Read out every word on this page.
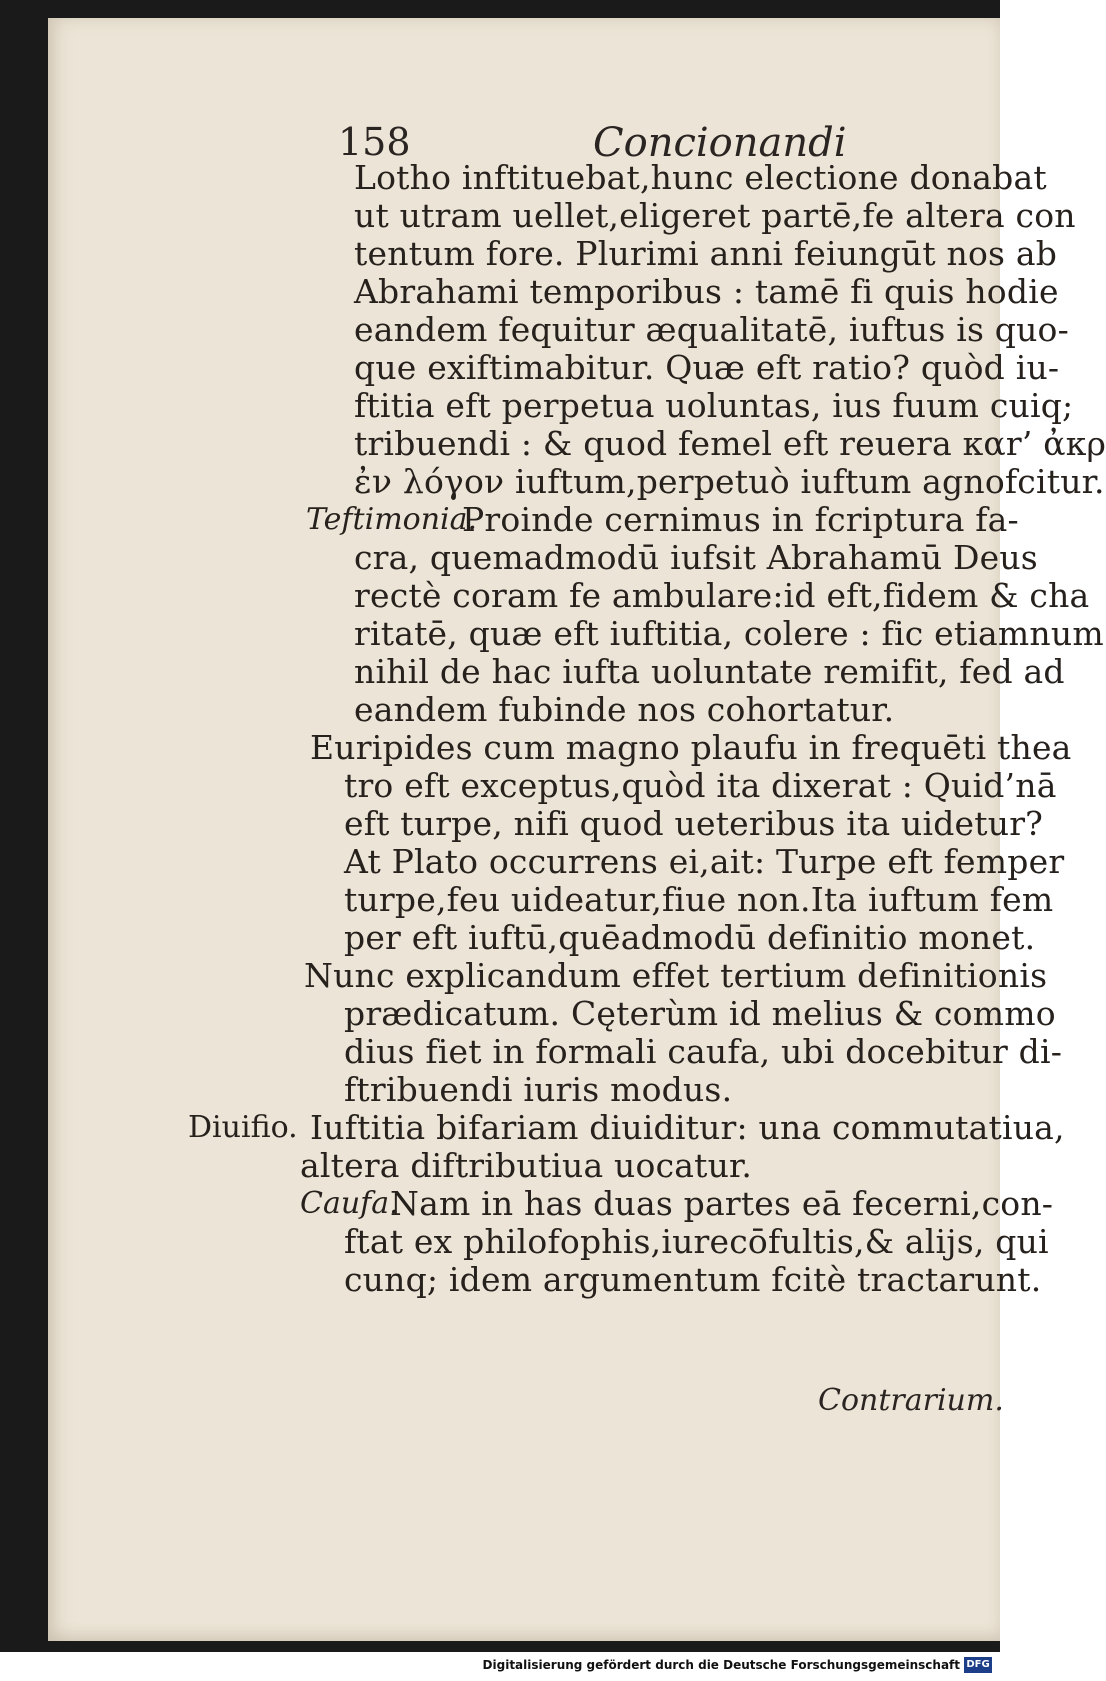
158	Concionandi
Lotho inftituebat,hunc electione donabat
ut utram uellet,eligeret partē,fe altera con
tentum fore. Plurimi anni feiungūt nos ab
Abrahami temporibus : tamē fi quis hodie
eandem fequitur æqualitatē, iuftus is quo-
que exiftimabitur. Quæ eft ratio? quòd iu-
ftitia eft perpetua uoluntas, ius fuum cuiq;
tribuendi : & quod femel eft reuera καr’ ἀκρ
ἐν λόγον iuftum,perpetuò iuftum agnofcitur.
Teftimonia.
Proinde cernimus in fcriptura fa-
cra, quemadmodū iufsit Abrahamū Deus
rectè coram fe ambulare:id eft,fidem & cha
ritatē, quæ eft iuftitia, colere : fic etiamnum
nihil de hac iufta uoluntate remifit, fed ad
eandem fubinde nos cohortatur.
Euripides cum magno plaufu in frequēti thea
tro eft exceptus,quòd ita dixerat : Quid’nā
eft turpe, nifi quod ueteribus ita uidetur?
At Plato occurrens ei,ait: Turpe eft femper
turpe,feu uideatur,fiue non.Ita iuftum fem
per eft iuftū,quēadmodū definitio monet.
Nunc explicandum effet tertium definitionis
prædicatum. Cęterùm id melius & commo
dius fiet in formali caufa, ubi docebitur di-
ftribuendi iuris modus.
Diuifio. Iuftitia bifariam diuiditur: una commutatiua,
altera diftributiua uocatur.
Caufa.
Nam in has duas partes eā fecerni,con-
ftat ex philofophis,iurecōfultis,& alijs, qui
cunq; idem argumentum fcitè tractarunt.
Contrarium.
Digitalisierung gefördert durch die Deutsche Forschungsgemeinschaft DFG
